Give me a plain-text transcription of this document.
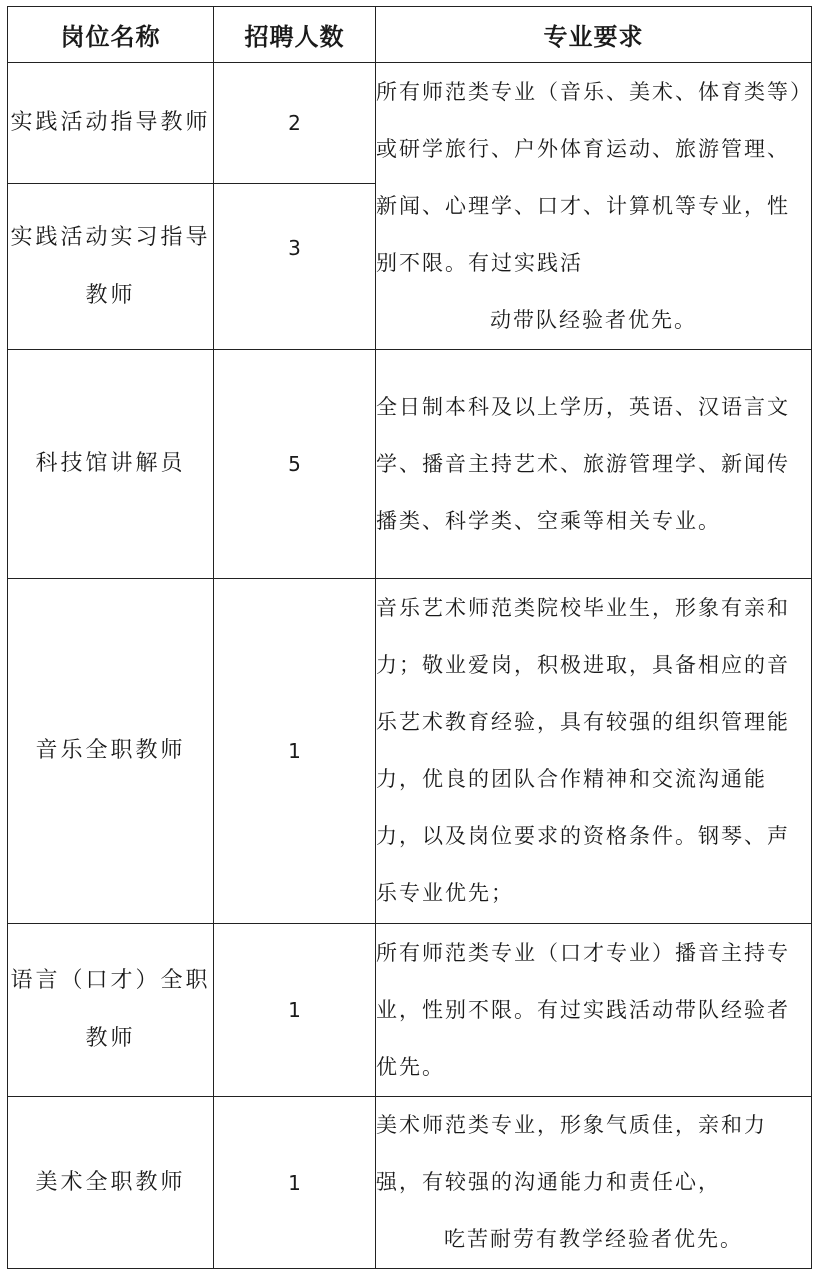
岗位名称	招聘人数	专业要求
实践活动指导教师	2	所有师范类专业（音乐、美术、体育类等）或研学旅行、户外体育运动、旅游管理、新闻、心理学、口才、计算机等专业，性别不限。有过实践活
动带队经验者优先。

实践活动实习指导教师	3	
科技馆讲解员	5	全日制本科及以上学历，英语、汉语言文学、播音主持艺术、旅游管理学、新闻传播类、科学类、空乘等相关专业。
音乐全职教师	1	音乐艺术师范类院校毕业生，形象有亲和力；敬业爱岗，积极进取，具备相应的音乐艺术教育经验，具有较强的组织管理能力，优良的团队合作精神和交流沟通能力，以及岗位要求的资格条件。钢琴、声乐专业优先；
语言（口才）全职教师	1	所有师范类专业（口才专业）播音主持专业，性别不限。有过实践活动带队经验者优先。
美术全职教师	1	美术师范类专业，形象气质佳，亲和力强，有较强的沟通能力和责任心，
吃苦耐劳有教学经验者优先。
